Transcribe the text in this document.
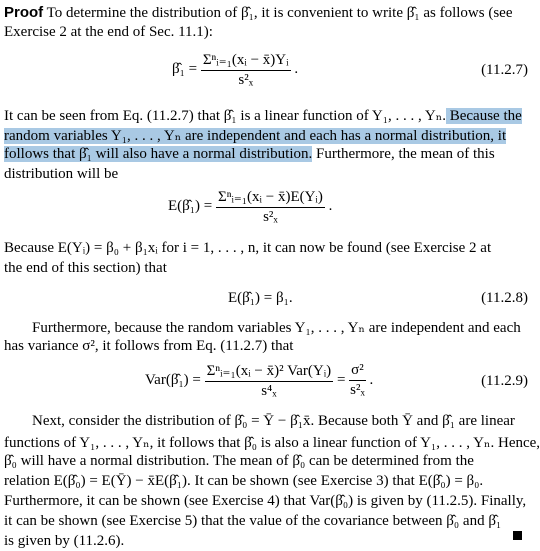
Proof To determine the distribution of β̂₁, it is convenient to write β̂₁ as follows (see
Exercise 2 at the end of Sec. 11.1):
β̂₁ = $\frac{\text{Σⁿᵢ₌₁(xᵢ − x̄)Yᵢ}}{\text{s²ₓ}}$ .	(11.2.7)
It can be seen from Eq. (11.2.7) that β̂₁ is a linear function of Y₁, . . . , Yₙ. Because the
random variables Y₁, . . . , Yₙ are independent and each has a normal distribution, it
follows that β̂₁ will also have a normal distribution. Furthermore, the mean of this
distribution will be
E(β̂₁) = $\frac{\text{Σⁿᵢ₌₁(xᵢ − x̄)E(Yᵢ)}}{\text{s²ₓ}}$ .
Because E(Yᵢ) = β₀ + β₁xᵢ for i = 1, . . . , n, it can now be found (see Exercise 2 at
the end of this section) that
E(β̂₁) = β₁.	(11.2.8)
Furthermore, because the random variables Y₁, . . . , Yₙ are independent and each
has variance σ², it follows from Eq. (11.2.7) that
Var(β̂₁) = $\frac{\text{Σⁿᵢ₌₁(xᵢ − x̄)² Var(Yᵢ)}}{\text{s⁴ₓ}} = \frac{\text{σ²}}{\text{s²ₓ}}$ .	(11.2.9)
Next, consider the distribution of β̂₀ = Ȳ − β̂₁x̄. Because both Ȳ and β̂₁ are linear
functions of Y₁, . . . , Yₙ, it follows that β̂₀ is also a linear function of Y₁, . . . , Yₙ. Hence,
β̂₀ will have a normal distribution. The mean of β̂₀ can be determined from the
relation E(β̂₀) = E(Ȳ) − x̄E(β̂₁). It can be shown (see Exercise 3) that E(β̂₀) = β₀.
Furthermore, it can be shown (see Exercise 4) that Var(β̂₀) is given by (11.2.5). Finally,
it can be shown (see Exercise 5) that the value of the covariance between β̂₀ and β̂₁
is given by (11.2.6).
